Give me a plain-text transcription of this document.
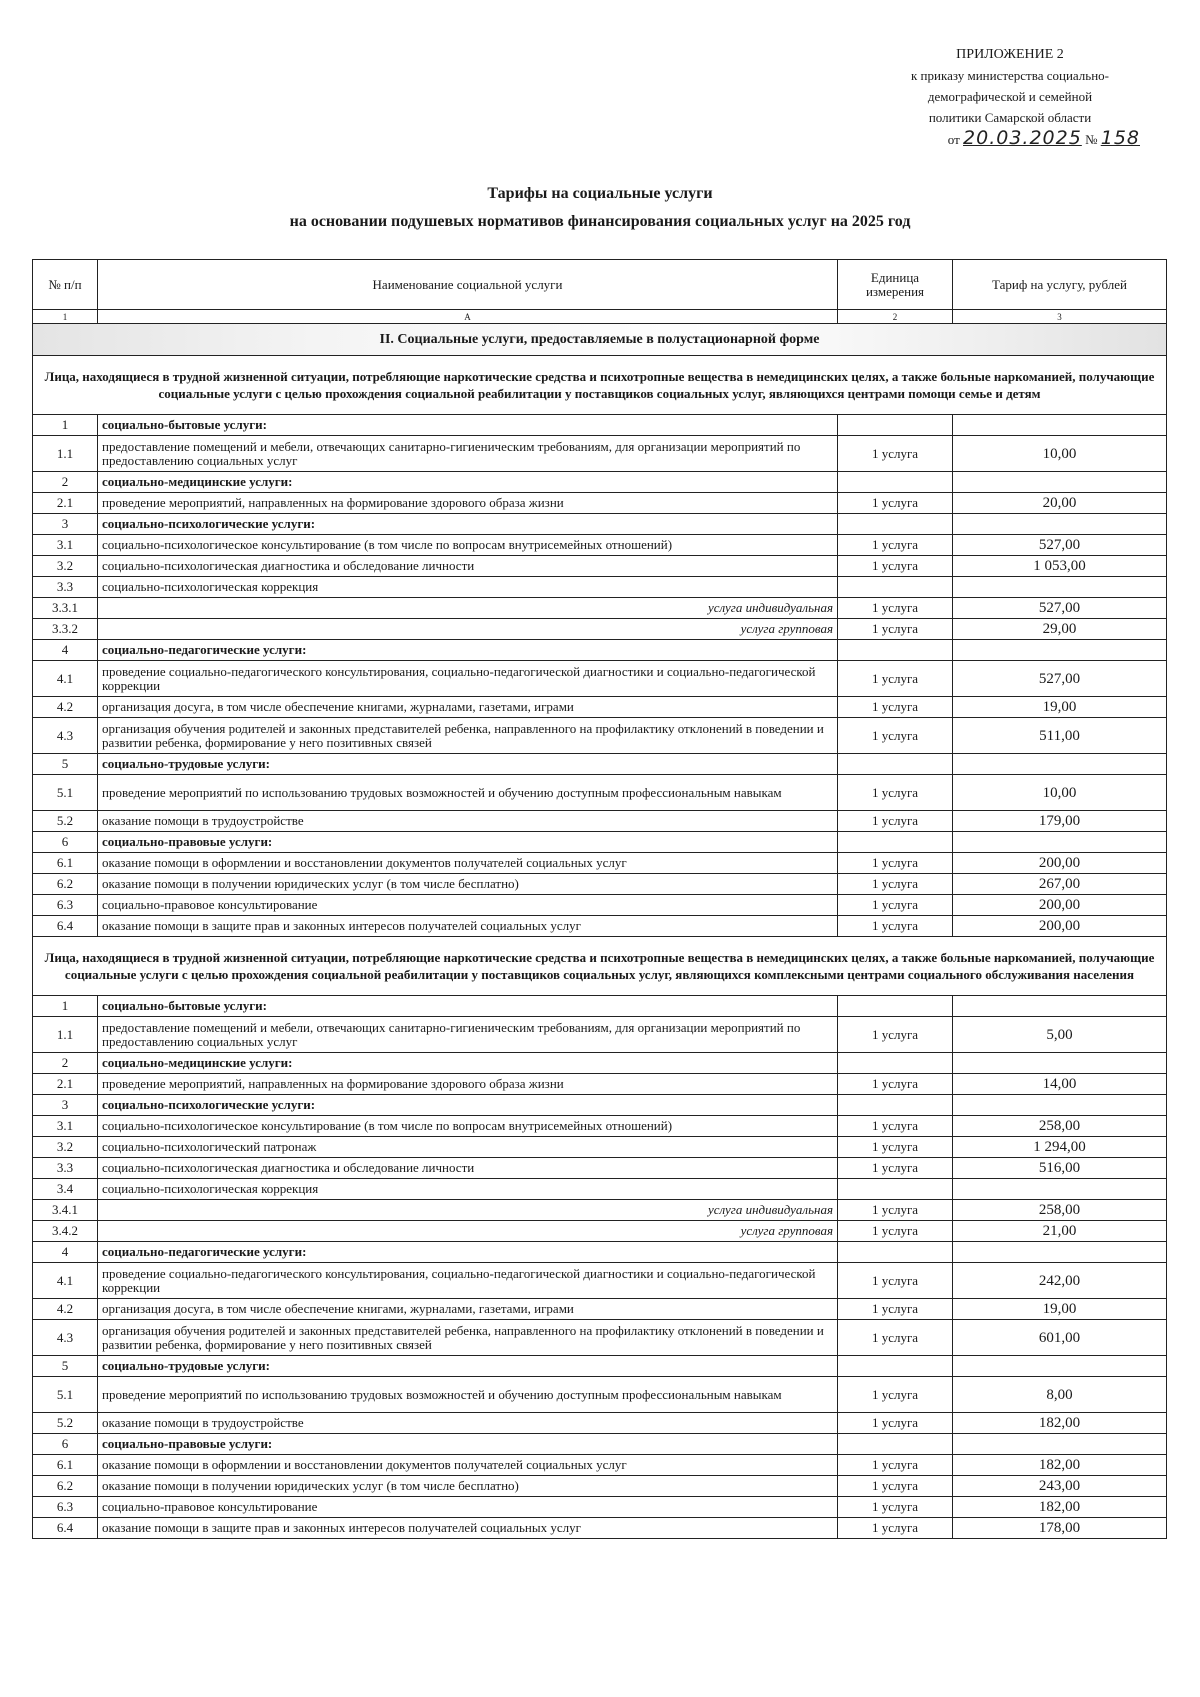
ПРИЛОЖЕНИЕ 2
к приказу министерства социально-
демографической и семейной
политики Самарской области
от 20.03.2025 № 158
Тарифы на социальные услуги
на основании подушевых нормативов финансирования социальных услуг на 2025 год
№ п/п	Наименование социальной услуги	Единица измерения	Тариф на услугу, рублей
1	A	2	3
II. Социальные услуги, предоставляемые в полустационарной форме			
Лица, находящиеся в трудной жизненной ситуации, потребляющие наркотические средства и психотропные вещества в немедицинских целях, а также больные наркоманией, получающие социальные услуги с целью прохождения социальной реабилитации у поставщиков социальных услуг, являющихся центрами помощи семье и детям			
1	социально-бытовые услуги:		
1.1	предоставление помещений и мебели, отвечающих санитарно-гигиеническим требованиям, для организации мероприятий по предоставлению социальных услуг	1 услуга	10,00
2	социально-медицинские услуги:		
2.1	проведение мероприятий, направленных на формирование здорового образа жизни	1 услуга	20,00
3	социально-психологические услуги:		
3.1	социально-психологическое консультирование (в том числе по вопросам внутрисемейных отношений)	1 услуга	527,00
3.2	социально-психологическая диагностика и обследование личности	1 услуга	1 053,00
3.3	социально-психологическая коррекция		
3.3.1	услуга индивидуальная	1 услуга	527,00
3.3.2	услуга групповая	1 услуга	29,00
4	социально-педагогические услуги:		
4.1	проведение социально-педагогического консультирования, социально-педагогической диагностики и социально-педагогической коррекции	1 услуга	527,00
4.2	организация досуга, в том числе обеспечение книгами, журналами, газетами, играми	1 услуга	19,00
4.3	организация обучения родителей и законных представителей ребенка, направленного на профилактику отклонений в поведении и развитии ребенка, формирование у него позитивных связей	1 услуга	511,00
5	социально-трудовые услуги:		
5.1	проведение мероприятий по использованию трудовых возможностей и обучению доступным профессиональным навыкам	1 услуга	10,00
5.2	оказание помощи в трудоустройстве	1 услуга	179,00
6	социально-правовые услуги:		
6.1	оказание помощи в оформлении и восстановлении документов получателей социальных услуг	1 услуга	200,00
6.2	оказание помощи в получении юридических услуг (в том числе бесплатно)	1 услуга	267,00
6.3	социально-правовое консультирование	1 услуга	200,00
6.4	оказание помощи в защите прав и законных интересов получателей социальных услуг	1 услуга	200,00
Лица, находящиеся в трудной жизненной ситуации, потребляющие наркотические средства и психотропные вещества в немедицинских целях, а также больные наркоманией, получающие социальные услуги с целью прохождения социальной реабилитации у поставщиков социальных услуг, являющихся комплексными центрами социального обслуживания населения			
1	социально-бытовые услуги:		
1.1	предоставление помещений и мебели, отвечающих санитарно-гигиеническим требованиям, для организации мероприятий по предоставлению социальных услуг	1 услуга	5,00
2	социально-медицинские услуги:		
2.1	проведение мероприятий, направленных на формирование здорового образа жизни	1 услуга	14,00
3	социально-психологические услуги:		
3.1	социально-психологическое консультирование (в том числе по вопросам внутрисемейных отношений)	1 услуга	258,00
3.2	социально-психологический патронаж	1 услуга	1 294,00
3.3	социально-психологическая диагностика и обследование личности	1 услуга	516,00
3.4	социально-психологическая коррекция		
3.4.1	услуга индивидуальная	1 услуга	258,00
3.4.2	услуга групповая	1 услуга	21,00
4	социально-педагогические услуги:		
4.1	проведение социально-педагогического консультирования, социально-педагогической диагностики и социально-педагогической коррекции	1 услуга	242,00
4.2	организация досуга, в том числе обеспечение книгами, журналами, газетами, играми	1 услуга	19,00
4.3	организация обучения родителей и законных представителей ребенка, направленного на профилактику отклонений в поведении и развитии ребенка, формирование у него позитивных связей	1 услуга	601,00
5	социально-трудовые услуги:		
5.1	проведение мероприятий по использованию трудовых возможностей и обучению доступным профессиональным навыкам	1 услуга	8,00
5.2	оказание помощи в трудоустройстве	1 услуга	182,00
6	социально-правовые услуги:		
6.1	оказание помощи в оформлении и восстановлении документов получателей социальных услуг	1 услуга	182,00
6.2	оказание помощи в получении юридических услуг (в том числе бесплатно)	1 услуга	243,00
6.3	социально-правовое консультирование	1 услуга	182,00
6.4	оказание помощи в защите прав и законных интересов получателей социальных услуг	1 услуга	178,00
